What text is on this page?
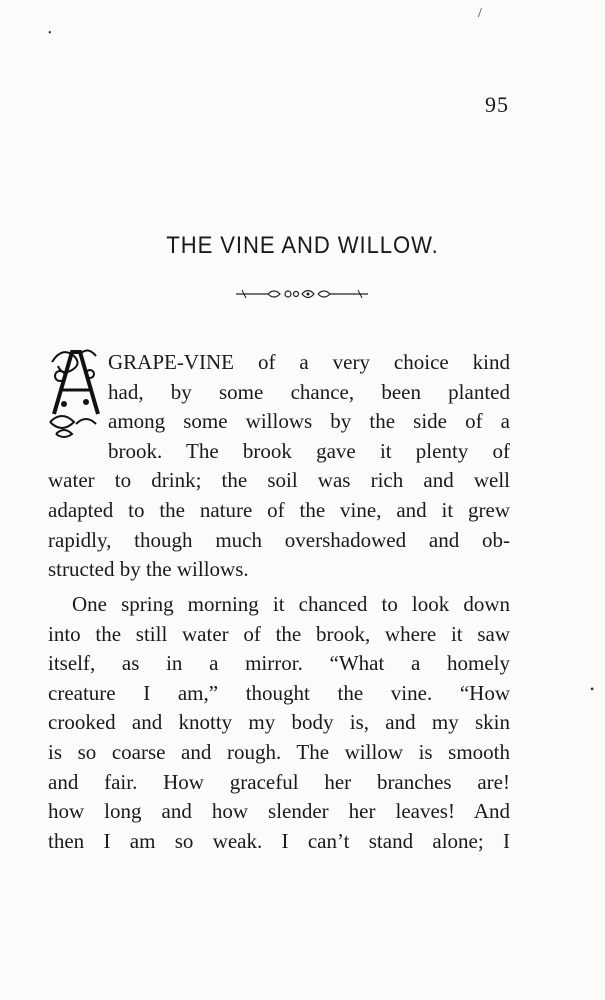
/
•
95
THE VINE AND WILLOW.
A
GRAPE-VINE of a very choice kind
had, by some chance, been planted
among some willows by the side of a
brook. The brook gave it plenty of
water to drink; the soil was rich and well
adapted to the nature of the vine, and it grew
rapidly, though much overshadowed and ob-
structed by the willows.
One spring morning it chanced to look down
into the still water of the brook, where it saw
itself, as in a mirror. “What a homely
creature I am,” thought the vine. “How
crooked and knotty my body is, and my skin
is so coarse and rough. The willow is smooth
and fair. How graceful her branches are!
how long and how slender her leaves! And
then I am so weak. I can’t stand alone; I
•
